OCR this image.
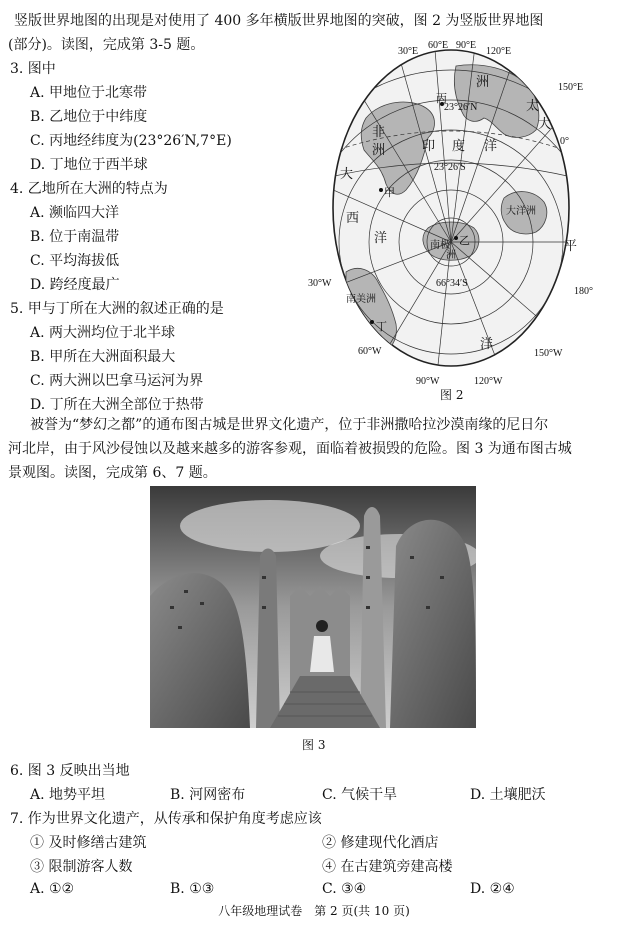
竖版世界地图的出现是对使用了 400 多年横版世界地图的突破，图 2 为竖版世界地图
(部分)。读图，完成第 3-5 题。
3. 图中
A. 甲地位于北寒带
B. 乙地位于中纬度
C. 丙地经纬度为(23°26′N,7°E)
D. 丁地位于西半球
4. 乙地所在大洲的特点为
A. 濒临四大洋
B. 位于南温带
C. 平均海拔低
D. 跨经度最广
5. 甲与丁所在大洲的叙述正确的是
A. 两大洲均位于北半球
B. 甲所在大洲面积最大
C. 两大洲以巴拿马运河为界
D. 丁所在大洲全部位于热带
30°E
60°E 90°E
120°E
150°E
30°W
180°
150°W
60°W
90°W	120°W
23°26′N
23°26′S
66°34′S
0°
洲
非
洲	印 度 洋
大
西
洋
太
平
洋
大
南极
洲
大洋洲
南美洲
甲
乙
丙
丁
图 2
被誉为“梦幻之都”的通布图古城是世界文化遗产，位于非洲撒哈拉沙漠南缘的尼日尔
河北岸，由于风沙侵蚀以及越来越多的游客参观，面临着被损毁的危险。图 3 为通布图古城
景观图。读图，完成第 6、7 题。
图 3
6. 图 3 反映出当地
A. 地势平坦	B. 河网密布	C. 气候干旱	D. 土壤肥沃
7. 作为世界文化遗产，从传承和保护角度考虑应该
① 及时修缮古建筑	② 修建现代化酒店
③ 限制游客人数	④ 在古建筑旁建高楼
A. ①②	B. ①③	C. ③④	D. ②④
八年级地理试卷　第 2 页(共 10 页)
